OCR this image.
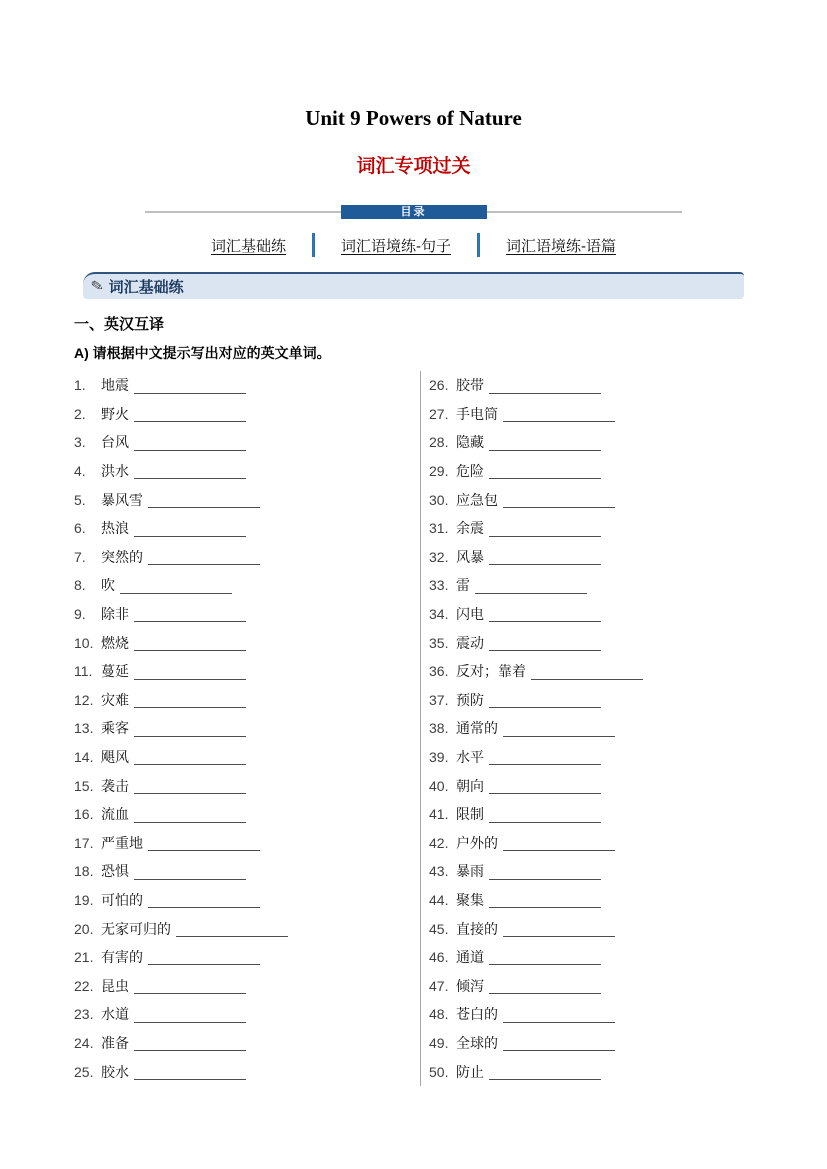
Unit 9 Powers of Nature
词汇专项过关
目录
词汇基础练	词汇语境练-句子	词汇语境练-语篇
✎ 词汇基础练
一、英汉互译
A) 请根据中文提示写出对应的英文单词。
1.	地震
2.	野火
3.	台风
4.	洪水
5.	暴风雪
6.	热浪
7.	突然的
8.	吹
9.	除非
10. 燃烧
11. 蔓延
12. 灾难
13. 乘客
14. 飓风
15. 袭击
16. 流血
17. 严重地
18. 恐惧
19. 可怕的
20. 无家可归的
21. 有害的
22. 昆虫
23. 水道
24. 准备
25. 胶水
26. 胶带
27. 手电筒
28. 隐藏
29. 危险
30. 应急包
31. 余震
32. 风暴
33. 雷
34. 闪电
35. 震动
36. 反对；靠着
37. 预防
38. 通常的
39. 水平
40. 朝向
41. 限制
42. 户外的
43. 暴雨
44. 聚集
45. 直接的
46. 通道
47. 倾泻
48. 苍白的
49. 全球的
50. 防止
